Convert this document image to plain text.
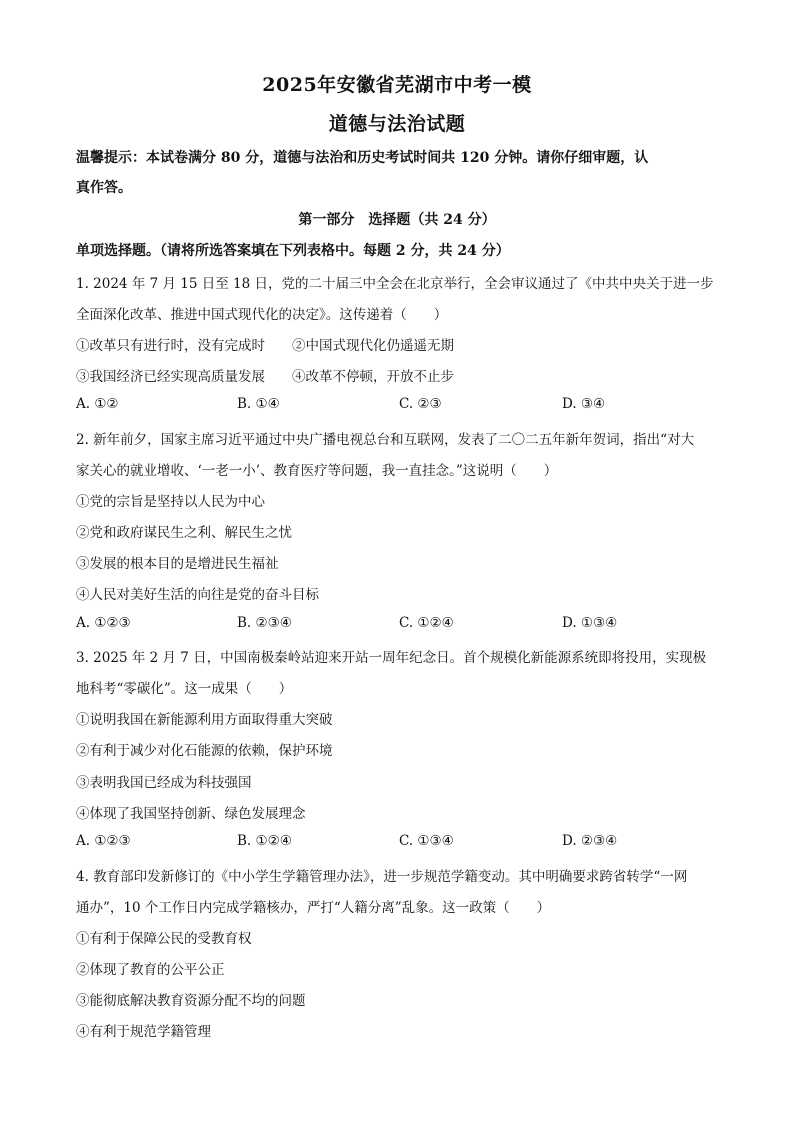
2025年安徽省芜湖市中考一模
道德与法治试题
温馨提示：本试卷满分 80 分，道德与法治和历史考试时间共 120 分钟。请你仔细审题，认
真作答。
第一部分　选择题（共 24 分）
单项选择题。（请将所选答案填在下列表格中。每题 2 分，共 24 分）
1. 2024 年 7 月 15 日至 18 日，党的二十届三中全会在北京举行，全会审议通过了《中共中央关于进一步
全面深化改革、推进中国式现代化的决定》。这传递着（　　）
①改革只有进行时，没有完成时　　②中国式现代化仍遥遥无期
③我国经济已经实现高质量发展　　④改革不停顿，开放不止步
A. ①②	B. ①④	C. ②③	D. ③④
2. 新年前夕，国家主席习近平通过中央广播电视总台和互联网，发表了二〇二五年新年贺词，指出“对大
家关心的就业增收、‘一老一小’、教育医疗等问题，我一直挂念。”这说明（　　）
①党的宗旨是坚持以人民为中心
②党和政府谋民生之利、解民生之忧
③发展的根本目的是增进民生福祉
④人民对美好生活的向往是党的奋斗目标
A. ①②③	B. ②③④	C. ①②④	D. ①③④
3. 2025 年 2 月 7 日，中国南极秦岭站迎来开站一周年纪念日。首个规模化新能源系统即将投用，实现极
地科考“零碳化”。这一成果（　　）
①说明我国在新能源利用方面取得重大突破
②有利于减少对化石能源的依赖，保护环境
③表明我国已经成为科技强国
④体现了我国坚持创新、绿色发展理念
A. ①②③	B. ①②④	C. ①③④	D. ②③④
4. 教育部印发新修订的《中小学生学籍管理办法》，进一步规范学籍变动。其中明确要求跨省转学“一网
通办”，10 个工作日内完成学籍核办，严打“人籍分离”乱象。这一政策（　　）
①有利于保障公民的受教育权
②体现了教育的公平公正
③能彻底解决教育资源分配不均的问题
④有利于规范学籍管理
